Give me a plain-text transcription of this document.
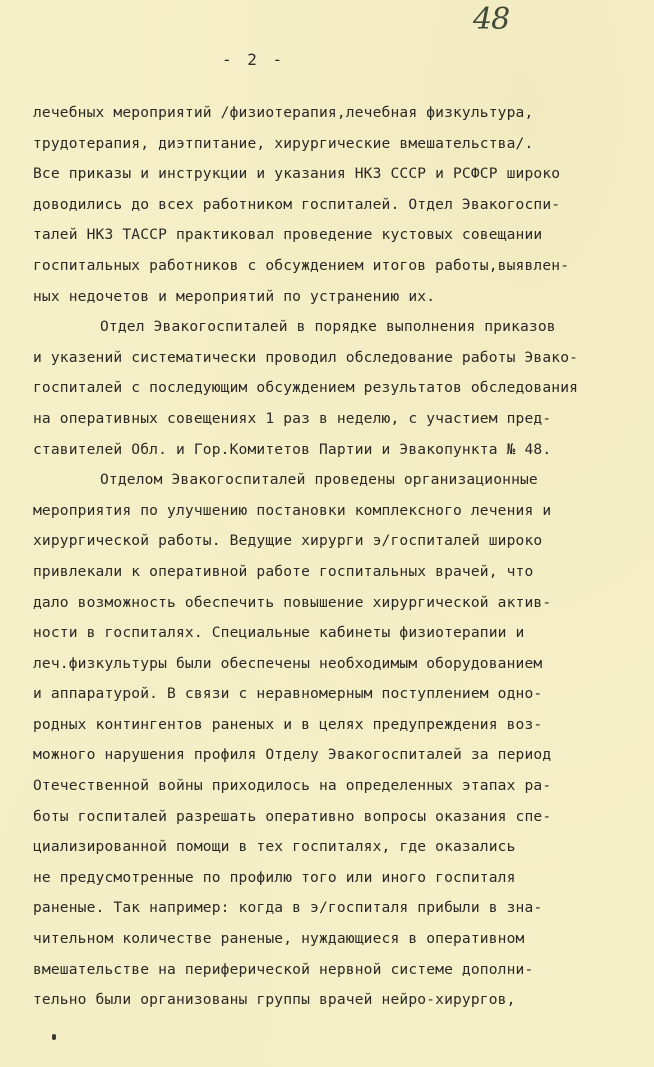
48
- 2 -
лечебных мероприятий /физиотерапия,лечебная физкультура,
трудотерапия, диэтпитание, хирургические вмешательства/.
Все приказы и инструкции и указания НКЗ СССР и РСФСР широко
доводились до всех работником госпиталей. Отдел Эвакогоспи-
талей НКЗ ТАССР практиковал проведение кустовых совещании
госпитальных работников с обсуждением итогов работы,выявлен-
ных недочетов и мероприятий по устранению их.
Отдел Эвакогоспиталей в порядке выполнения приказов
и указений систематически проводил обследование работы Эвако-
госпиталей с последующим обсуждением результатов обследования
на оперативных совещениях 1 раз в неделю, с участием пред-
ставителей Обл. и Гор.Комитетов Партии и Эвакопункта № 48.
Отделом Эвакогоспиталей проведены организационные
мероприятия по улучшению постановки комплексного лечения и
хирургической работы. Ведущие хирурги э/госпиталей широко
привлекали к оперативной работе госпитальных врачей, что
дало возможность обеспечить повышение хирургической актив-
ности в госпиталях. Специальные кабинеты физиотерапии и
леч.физкультуры были обеспечены необходимым оборудованием
и аппаратурой. В связи с неравномерным поступлением одно-
родных контингентов раненых и в целях предупреждения воз-
можного нарушения профиля Отделу Эвакогоспиталей за период
Отечественной войны приходилось на определенных этапах ра-
боты госпиталей разрешать оперативно вопросы оказания спе-
циализированной помощи в тех госпиталях, где оказались
не предусмотренные по профилю того или иного госпиталя
раненые. Так например: когда в э/госпиталя прибыли в зна-
чительном количестве раненые, нуждающиеся в оперативном
вмешательстве на периферической нервной системе дополни-
тельно были организованы группы врачей нейро-хирургов,
